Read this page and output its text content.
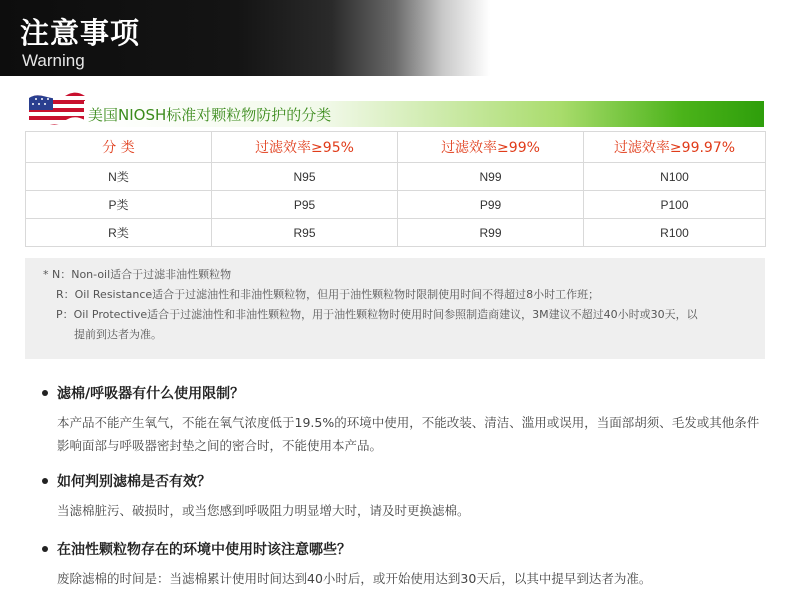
注意事项
Warning
美国NIOSH标准对颗粒物防护的分类
分 类	过滤效率≥95%	过滤效率≥99%	过滤效率≥99.97%
N类	N95	N99	N100
P类	P95	P99	P100
R类	R95	R99	R100
* N：Non-oil适合于过滤非油性颗粒物
R：Oil Resistance适合于过滤油性和非油性颗粒物，但用于油性颗粒物时限制使用时间不得超过8小时工作班；
P：Oil Protective适合于过滤油性和非油性颗粒物，用于油性颗粒物时使用时间参照制造商建议，3M建议不超过40小时或30天，以
提前到达者为准。
滤棉/呼吸器有什么使用限制？
本产品不能产生氧气，不能在氧气浓度低于19.5%的环境中使用，不能改装、清洁、滥用或误用，当面部胡须、毛发或其他条件影响面部与呼吸器密封垫之间的密合时，不能使用本产品。
如何判别滤棉是否有效？
当滤棉脏污、破损时，或当您感到呼吸阻力明显增大时，请及时更换滤棉。
在油性颗粒物存在的环境中使用时该注意哪些？
废除滤棉的时间是：当滤棉累计使用时间达到40小时后，或开始使用达到30天后，以其中提早到达者为准。
